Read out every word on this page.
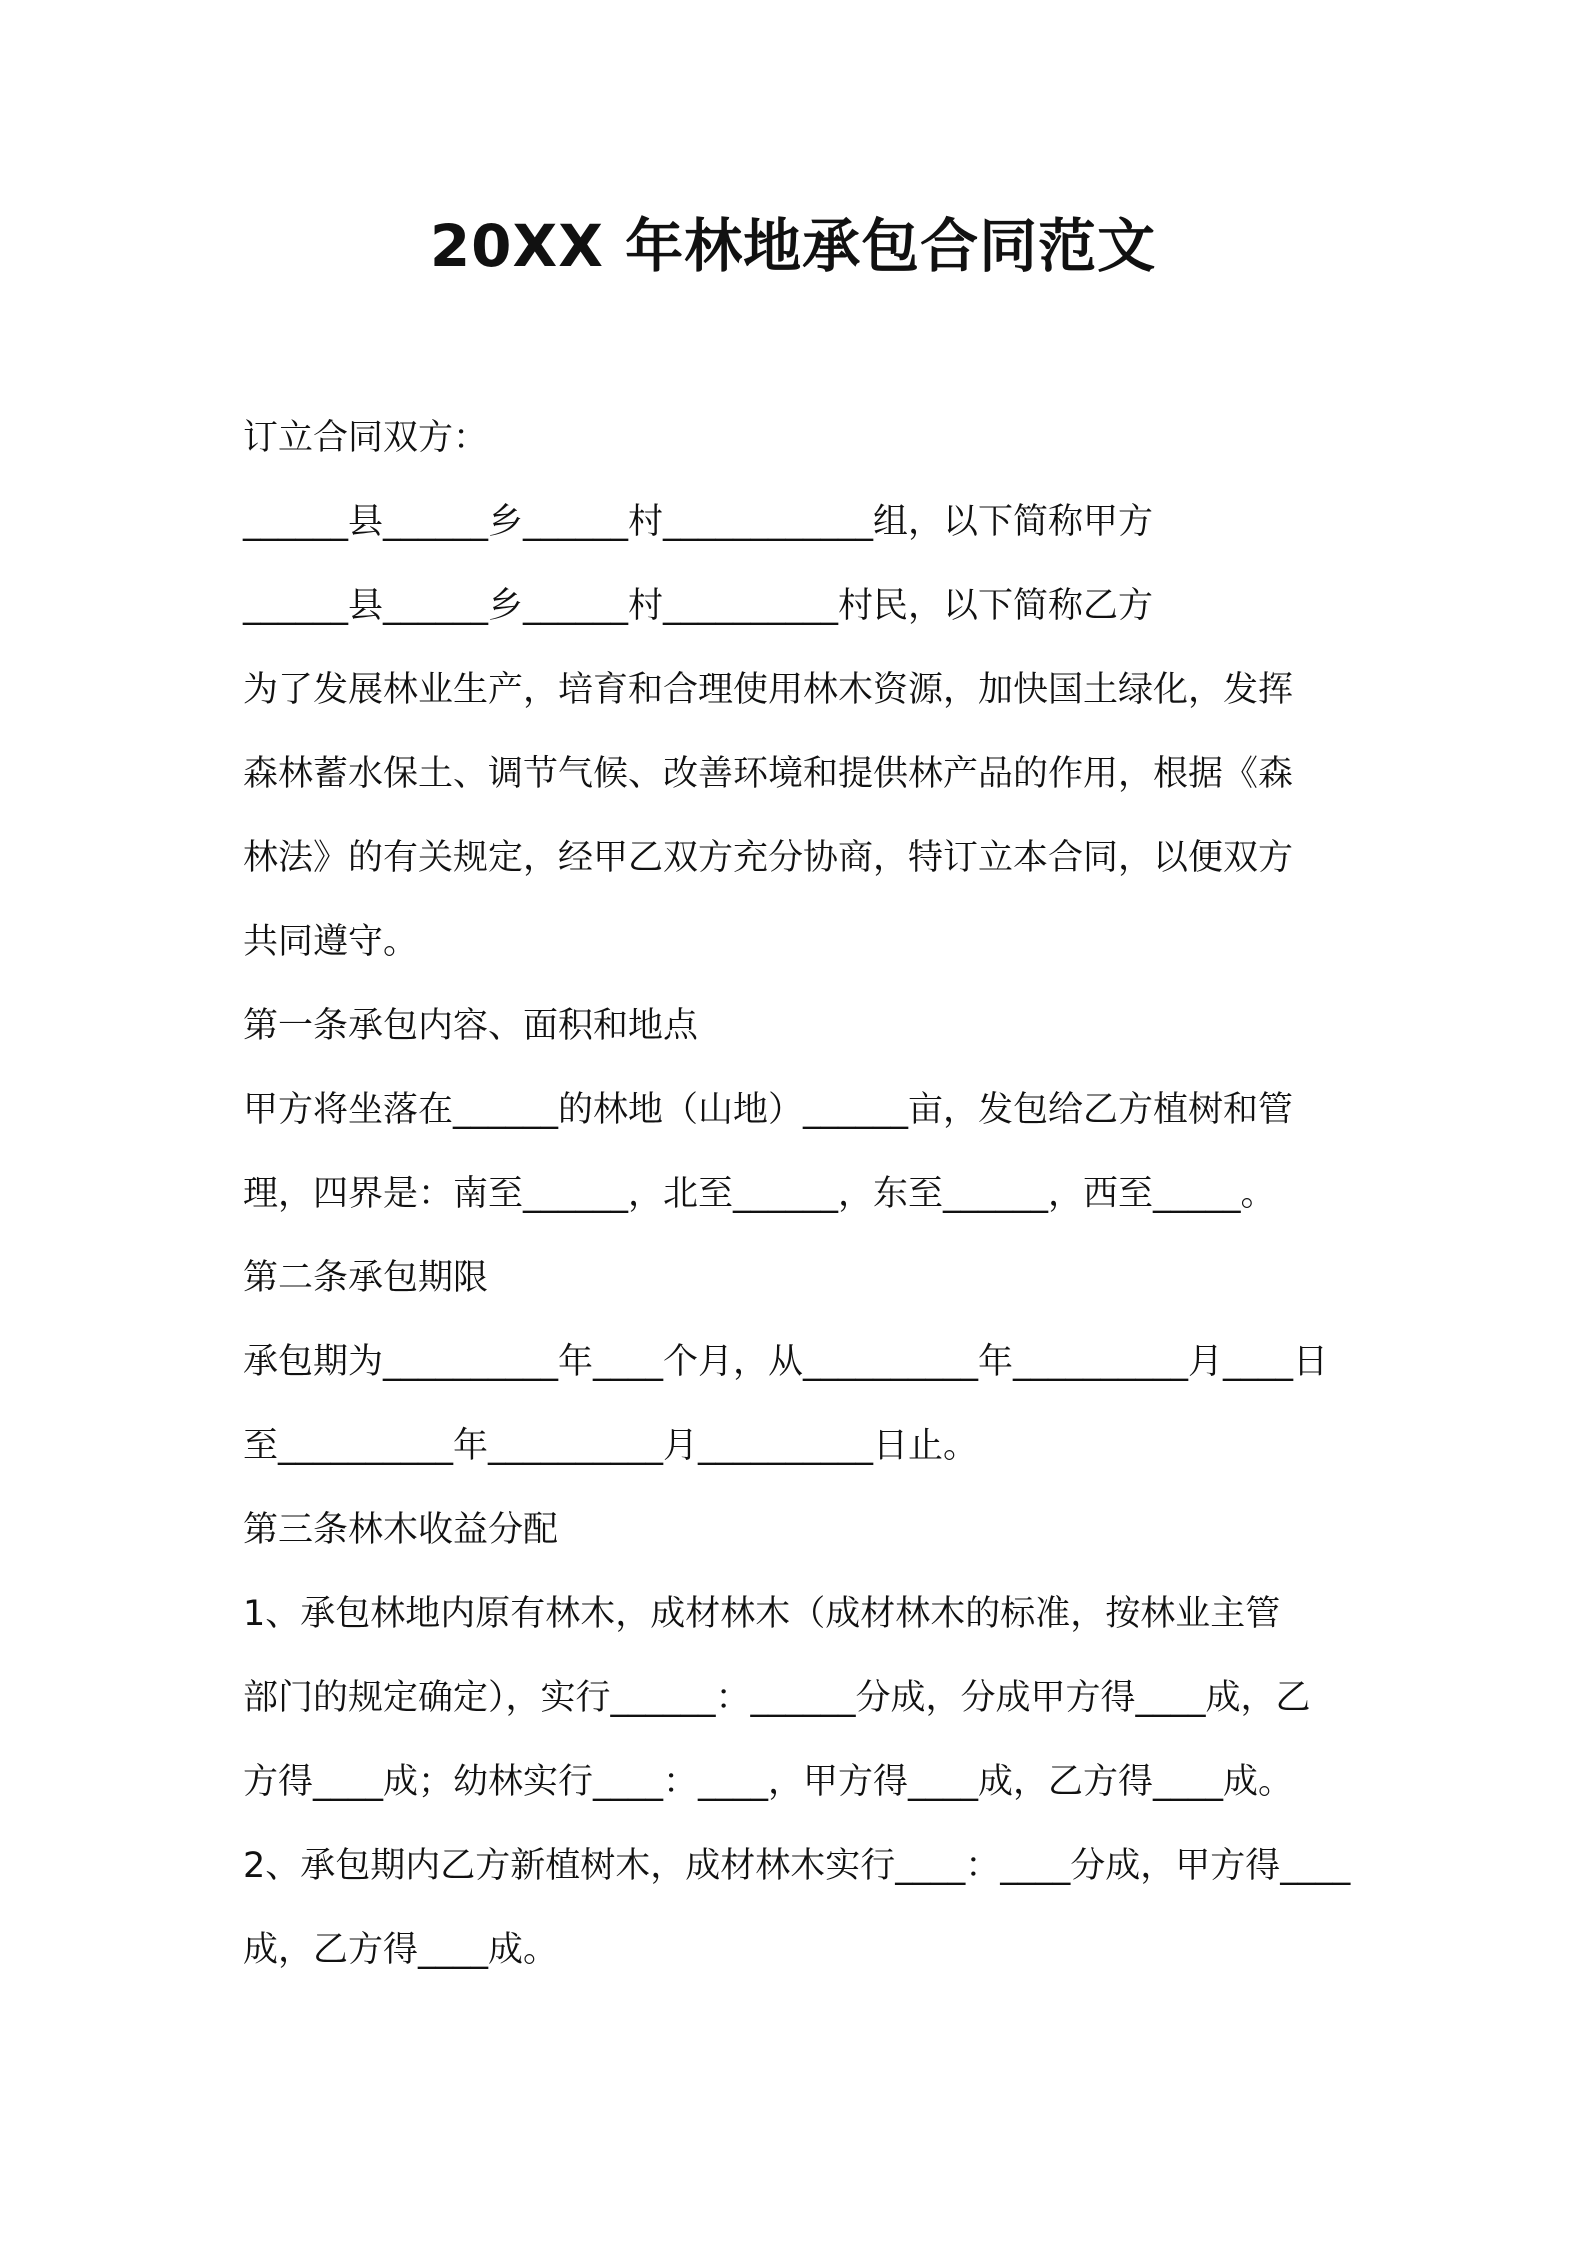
20XX 年林地承包合同范文

订立合同双方：

______县______乡______村____________组，以下简称甲方

______县______乡______村__________村民，以下简称乙方

为了发展林业生产，培育和合理使用林木资源，加快国土绿化，发挥

森林蓄水保土、调节气候、改善环境和提供林产品的作用，根据《森

林法》的有关规定，经甲乙双方充分协商，特订立本合同，以便双方

共同遵守。

第一条承包内容、面积和地点

甲方将坐落在______的林地（山地）______亩，发包给乙方植树和管

理，四界是：南至______，北至______，东至______，西至_____。

第二条承包期限

承包期为__________年____个月，从__________年__________月____日

至__________年__________月__________日止。

第三条林木收益分配

1、承包林地内原有林木，成材林木（成材林木的标准，按林业主管

部门的规定确定），实行______：______分成，分成甲方得____成，乙

方得____成；幼林实行____：____，甲方得____成，乙方得____成。

2、承包期内乙方新植树木，成材林木实行____：____分成，甲方得____

成，乙方得____成。
